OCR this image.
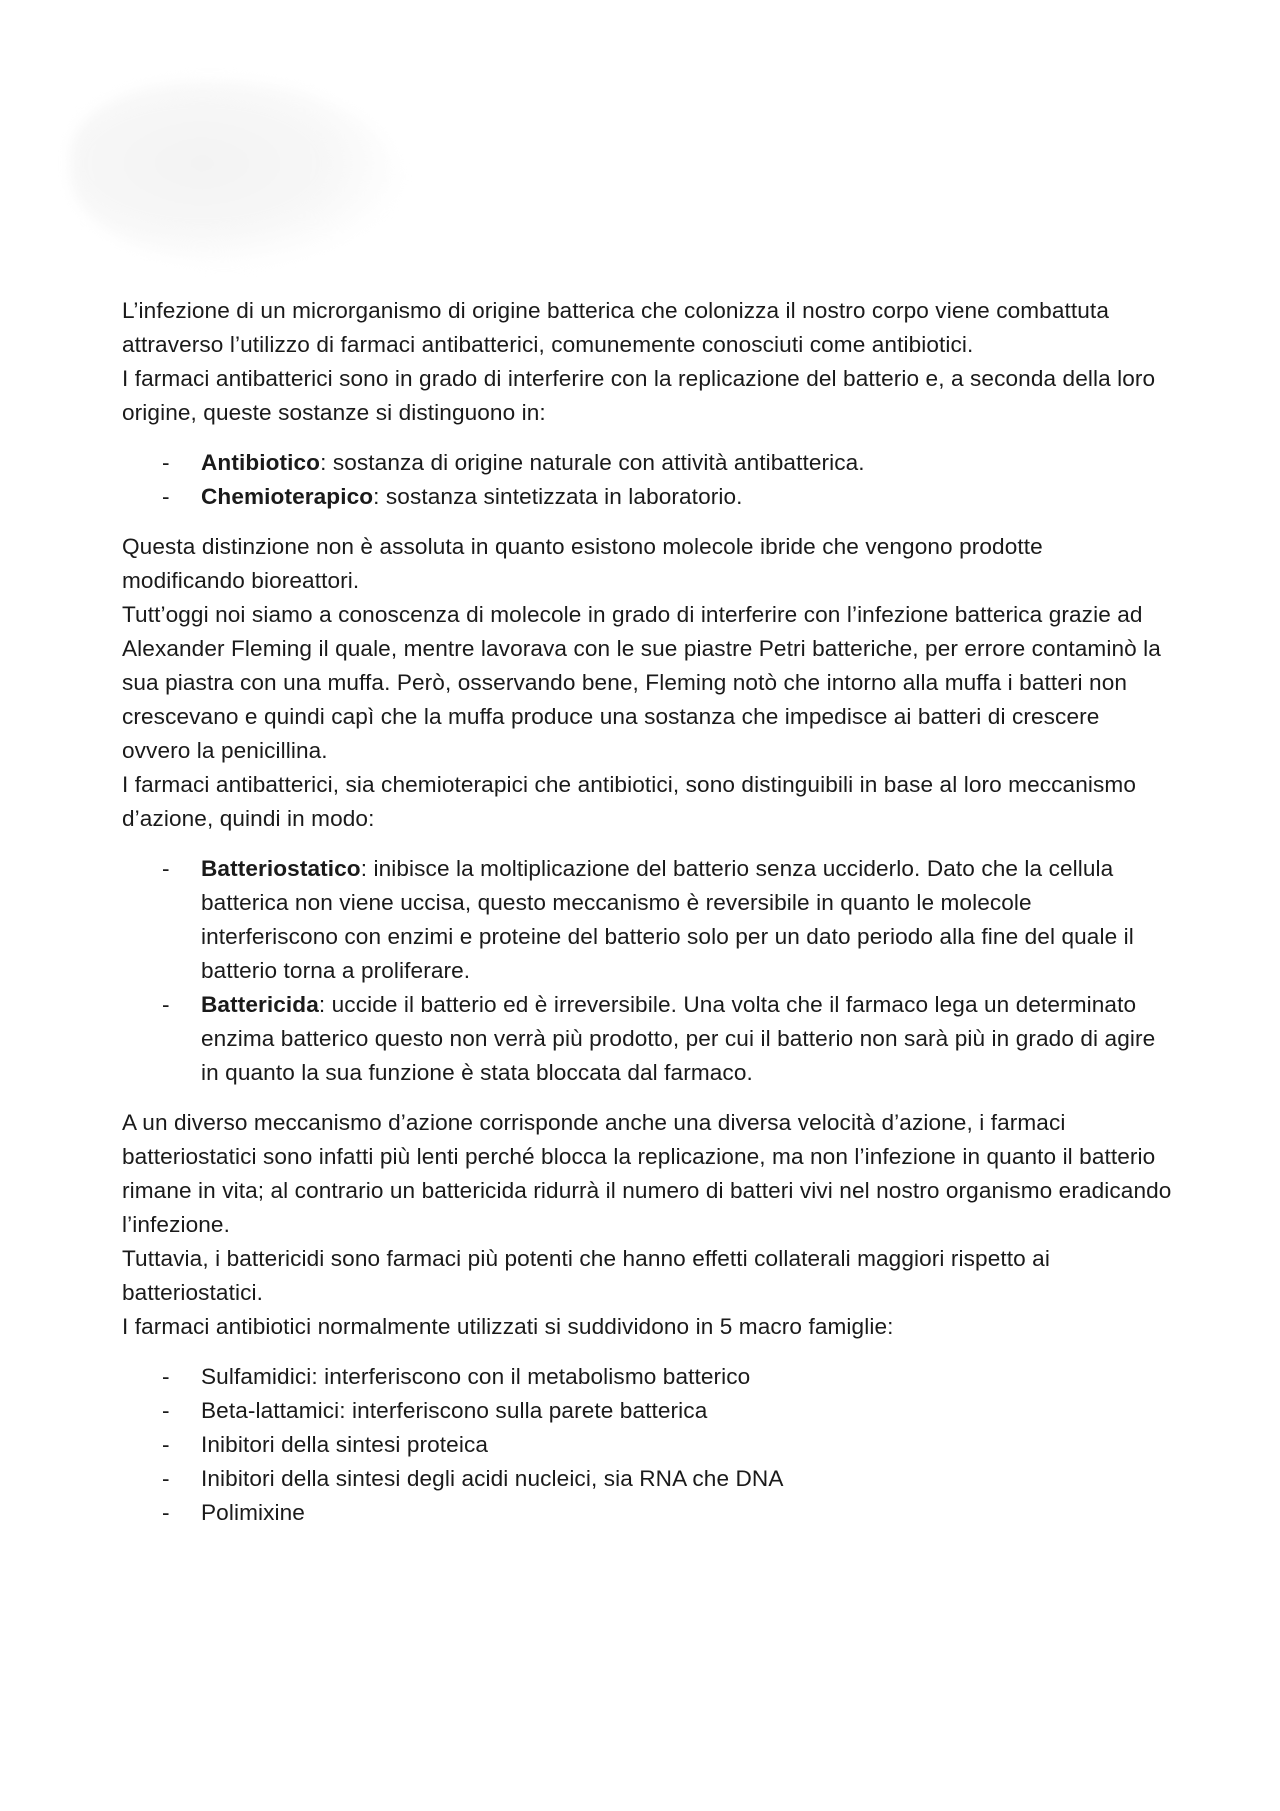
L’infezione di un microrganismo di origine batterica che colonizza il nostro corpo viene combattuta attraverso l’utilizzo di farmaci antibatterici, comunemente conosciuti come antibiotici.

I farmaci antibatterici sono in grado di interferire con la replicazione del batterio e, a seconda della loro origine, queste sostanze si distinguono in:

- Antibiotico: sostanza di origine naturale con attività antibatterica.
- Chemioterapico: sostanza sintetizzata in laboratorio.

Questa distinzione non è assoluta in quanto esistono molecole ibride che vengono prodotte modificando bioreattori.

Tutt’oggi noi siamo a conoscenza di molecole in grado di interferire con l’infezione batterica grazie ad Alexander Fleming il quale, mentre lavorava con le sue piastre Petri batteriche, per errore contaminò la sua piastra con una muffa. Però, osservando bene, Fleming notò che intorno alla muffa i batteri non crescevano e quindi capì che la muffa produce una sostanza che impedisce ai batteri di crescere ovvero la penicillina.

I farmaci antibatterici, sia chemioterapici che antibiotici, sono distinguibili in base al loro meccanismo d’azione, quindi in modo:

- Batteriostatico: inibisce la moltiplicazione del batterio senza ucciderlo. Dato che la cellula batterica non viene uccisa, questo meccanismo è reversibile in quanto le molecole interferiscono con enzimi e proteine del batterio solo per un dato periodo alla fine del quale il batterio torna a proliferare.
- Battericida: uccide il batterio ed è irreversibile. Una volta che il farmaco lega un determinato enzima batterico questo non verrà più prodotto, per cui il batterio non sarà più in grado di agire in quanto la sua funzione è stata bloccata dal farmaco.

A un diverso meccanismo d’azione corrisponde anche una diversa velocità d’azione, i farmaci batteriostatici sono infatti più lenti perché blocca la replicazione, ma non l’infezione in quanto il batterio rimane in vita; al contrario un battericida ridurrà il numero di batteri vivi nel nostro organismo eradicando l’infezione.

Tuttavia, i battericidi sono farmaci più potenti che hanno effetti collaterali maggiori rispetto ai batteriostatici.

I farmaci antibiotici normalmente utilizzati si suddividono in 5 macro famiglie:

- Sulfamidici: interferiscono con il metabolismo batterico
- Beta-lattamici: interferiscono sulla parete batterica
- Inibitori della sintesi proteica
- Inibitori della sintesi degli acidi nucleici, sia RNA che DNA
- Polimixine
